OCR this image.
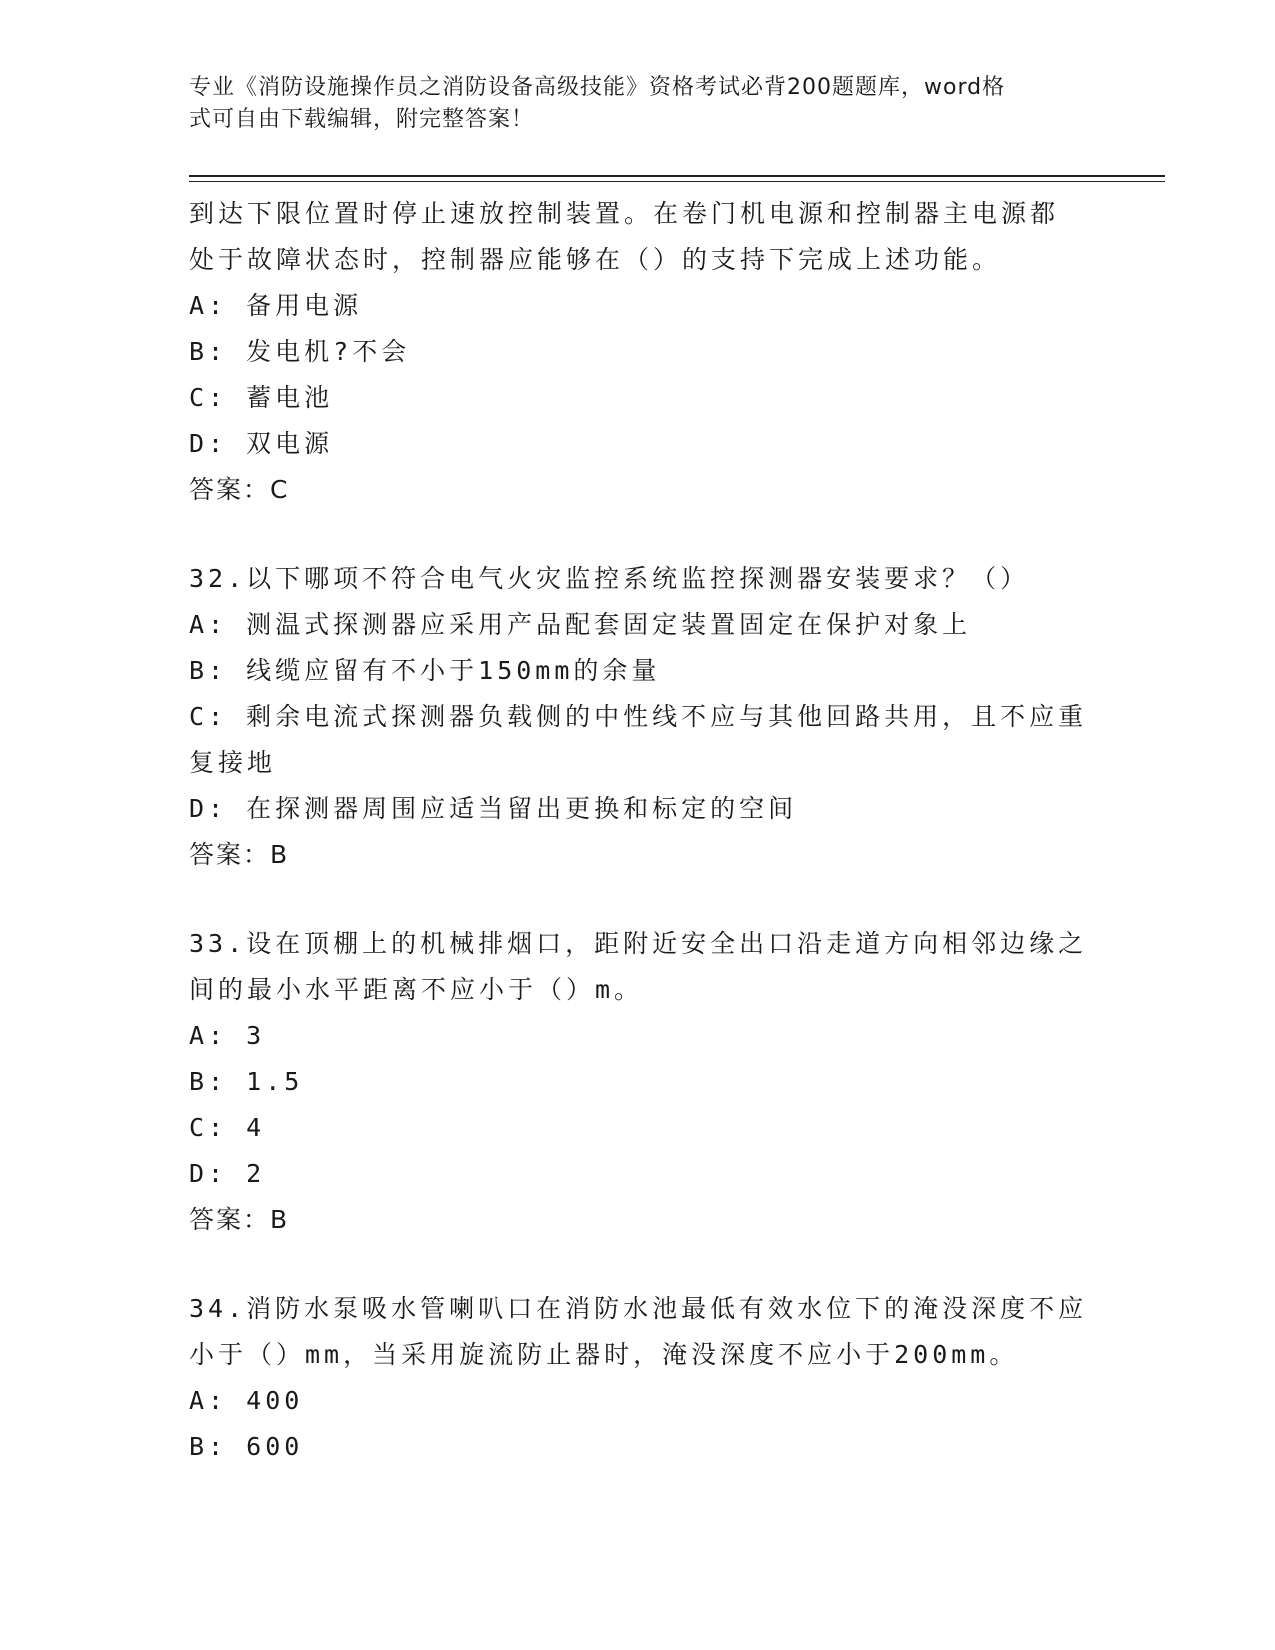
专业《消防设施操作员之消防设备高级技能》资格考试必背200题题库，word格
式可自由下载编辑，附完整答案！
到达下限位置时停止速放控制装置。在卷门机电源和控制器主电源都
处于故障状态时，控制器应能够在（）的支持下完成上述功能。
A: 备用电源
B: 发电机?不会
C: 蓄电池
D: 双电源
答案：C
32.以下哪项不符合电气火灾监控系统监控探测器安装要求？（）
A: 测温式探测器应采用产品配套固定装置固定在保护对象上
B: 线缆应留有不小于150mm的余量
C: 剩余电流式探测器负载侧的中性线不应与其他回路共用，且不应重
复接地
D: 在探测器周围应适当留出更换和标定的空间
答案：B
33.设在顶棚上的机械排烟口，距附近安全出口沿走道方向相邻边缘之
间的最小水平距离不应小于（）m。
A: 3
B: 1.5
C: 4
D: 2
答案：B
34.消防水泵吸水管喇叭口在消防水池最低有效水位下的淹没深度不应
小于（）mm，当采用旋流防止器时，淹没深度不应小于200mm。
A: 400
B: 600
